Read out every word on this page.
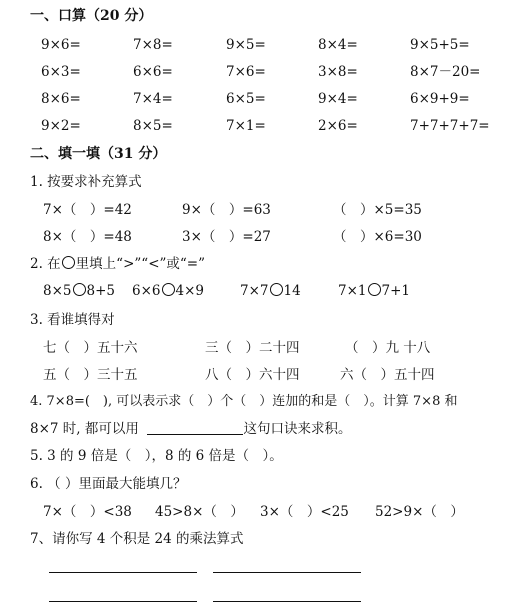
一、口算（20 分）
9×6=	7×8=	9×5=	8×4=	9×5+5=
6×3=	6×6=	7×6=	3×8=	8×7－20=
8×6=	7×4=	6×5=	9×4=	6×9+9=
9×2=	8×5=	7×1=	2×6=	7+7+7+7=
二、填一填（31 分）
1. 按要求补充算式
7×（　）=42	9×（　）=63	（　）×5=35
8×（　）=48	3×（　）=27	（　）×6=30
2. 在 里填上“>”“<”或“=”
8×5 8+5 6×6 4×9	7×7 14	7×1 7+1
3. 看谁填得对
七（　）五十六	三（　）二十四	（　）九 十八
五（　）三十五	八（　）六十四	六（　）五十四
4. 7×8=(　), 可以表示求（　）个（　）连加的和是（　）。计算 7×8 和
8×7 时, 都可以用	这句口诀来求积。
5. 3 的 9 倍是（　），8 的 6 倍是（　）。
6. （ ）里面最大能填几？
7×（　）<38 45>8×（　） 3×（　）<25 52>9×（　）
7、请你写 4 个积是 24 的乘法算式
